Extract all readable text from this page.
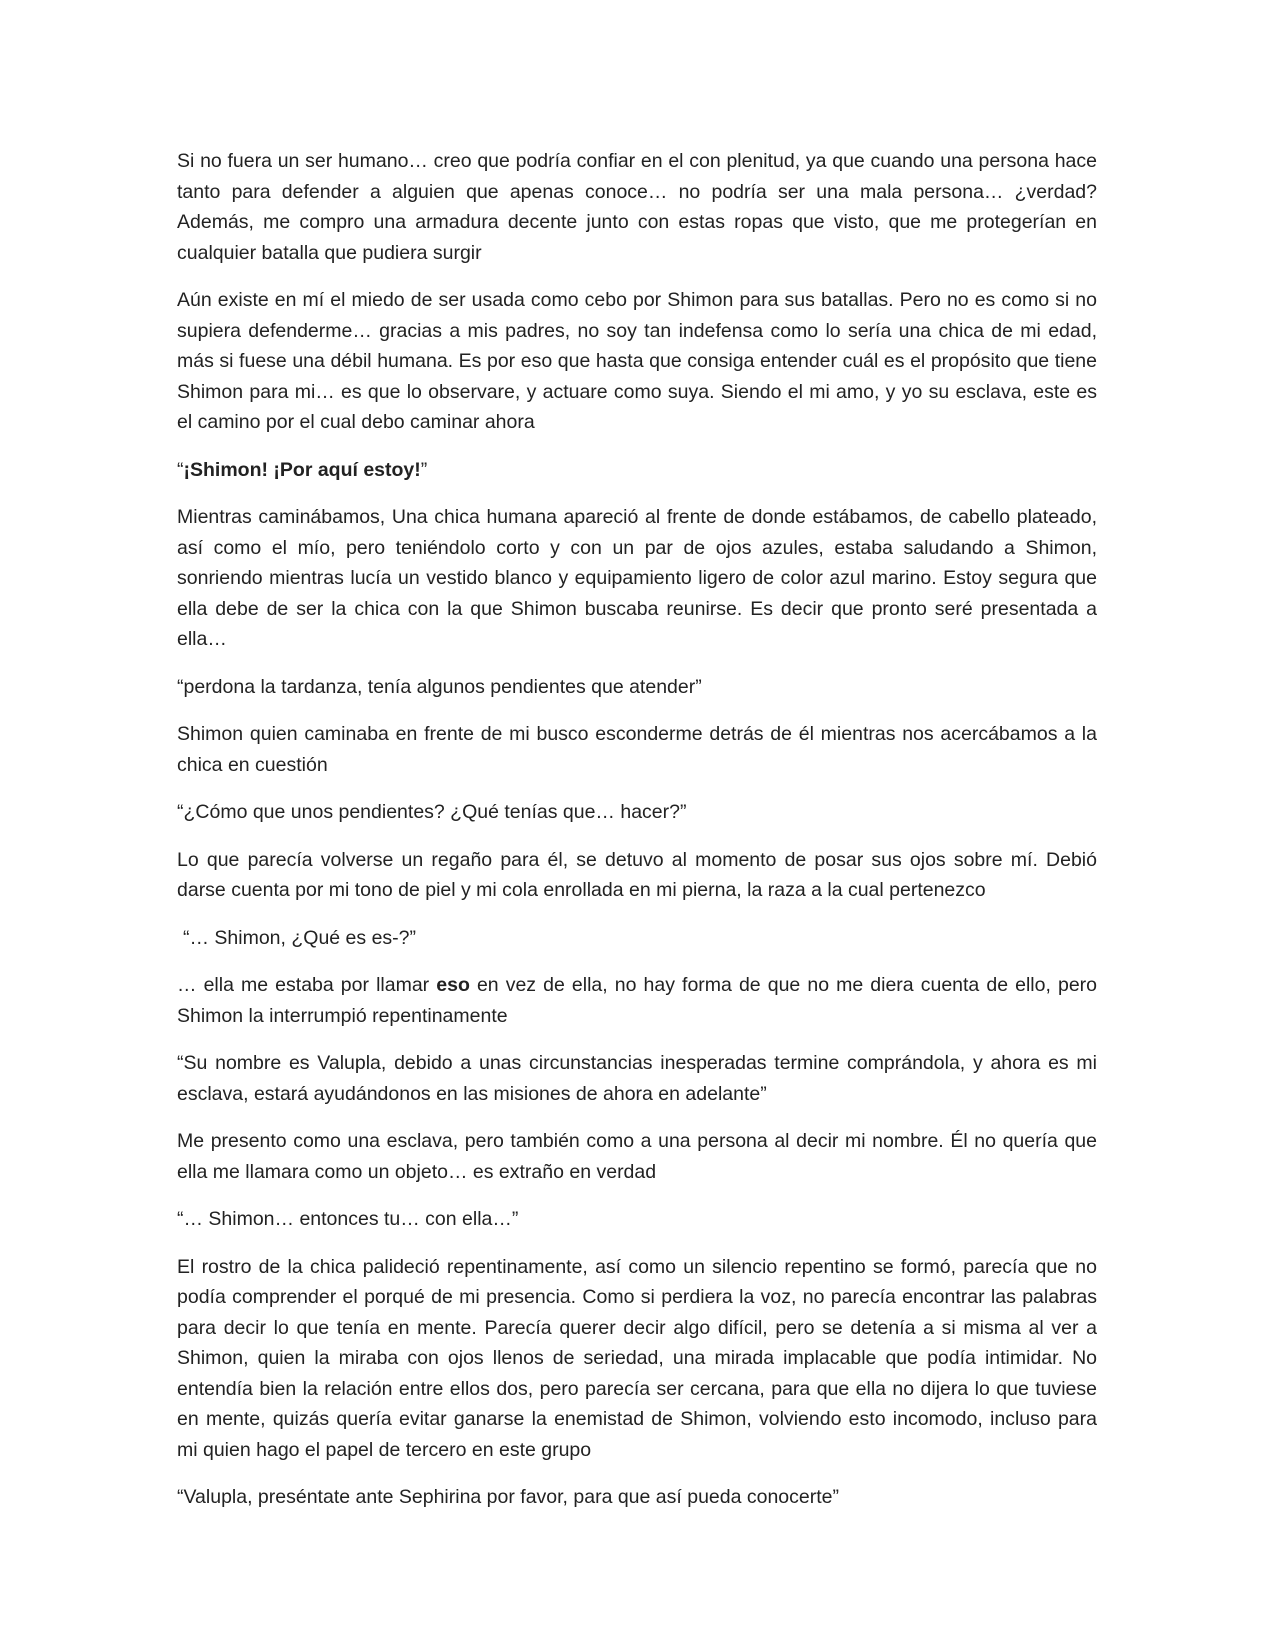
Si no fuera un ser humano… creo que podría confiar en el con plenitud, ya que cuando una persona hace tanto para defender a alguien que apenas conoce… no podría ser una mala persona… ¿verdad? Además, me compro una armadura decente junto con estas ropas que visto, que me protegerían en cualquier batalla que pudiera surgir

Aún existe en mí el miedo de ser usada como cebo por Shimon para sus batallas. Pero no es como si no supiera defenderme… gracias a mis padres, no soy tan indefensa como lo sería una chica de mi edad, más si fuese una débil humana. Es por eso que hasta que consiga entender cuál es el propósito que tiene Shimon para mi… es que lo observare, y actuare como suya. Siendo el mi amo, y yo su esclava, este es el camino por el cual debo caminar ahora

“¡Shimon! ¡Por aquí estoy!”

Mientras caminábamos, Una chica humana apareció al frente de donde estábamos, de cabello plateado, así como el mío, pero teniéndolo corto y con un par de ojos azules, estaba saludando a Shimon, sonriendo mientras lucía un vestido blanco y equipamiento ligero de color azul marino. Estoy segura que ella debe de ser la chica con la que Shimon buscaba reunirse. Es decir que pronto seré presentada a ella…

“perdona la tardanza, tenía algunos pendientes que atender”

Shimon quien caminaba en frente de mi busco esconderme detrás de él mientras nos acercábamos a la chica en cuestión

“¿Cómo que unos pendientes? ¿Qué tenías que… hacer?”

Lo que parecía volverse un regaño para él, se detuvo al momento de posar sus ojos sobre mí. Debió darse cuenta por mi tono de piel y mi cola enrollada en mi pierna, la raza a la cual pertenezco

“… Shimon, ¿Qué es es-?”

… ella me estaba por llamar eso en vez de ella, no hay forma de que no me diera cuenta de ello, pero Shimon la interrumpió repentinamente

“Su nombre es Valupla, debido a unas circunstancias inesperadas termine comprándola, y ahora es mi esclava, estará ayudándonos en las misiones de ahora en adelante”

Me presento como una esclava, pero también como a una persona al decir mi nombre. Él no quería que ella me llamara como un objeto… es extraño en verdad

“… Shimon… entonces tu… con ella…”

El rostro de la chica palideció repentinamente, así como un silencio repentino se formó, parecía que no podía comprender el porqué de mi presencia. Como si perdiera la voz, no parecía encontrar las palabras para decir lo que tenía en mente. Parecía querer decir algo difícil, pero se detenía a si misma al ver a Shimon, quien la miraba con ojos llenos de seriedad, una mirada implacable que podía intimidar. No entendía bien la relación entre ellos dos, pero parecía ser cercana, para que ella no dijera lo que tuviese en mente, quizás quería evitar ganarse la enemistad de Shimon, volviendo esto incomodo, incluso para mi quien hago el papel de tercero en este grupo

“Valupla, preséntate ante Sephirina por favor, para que así pueda conocerte”
